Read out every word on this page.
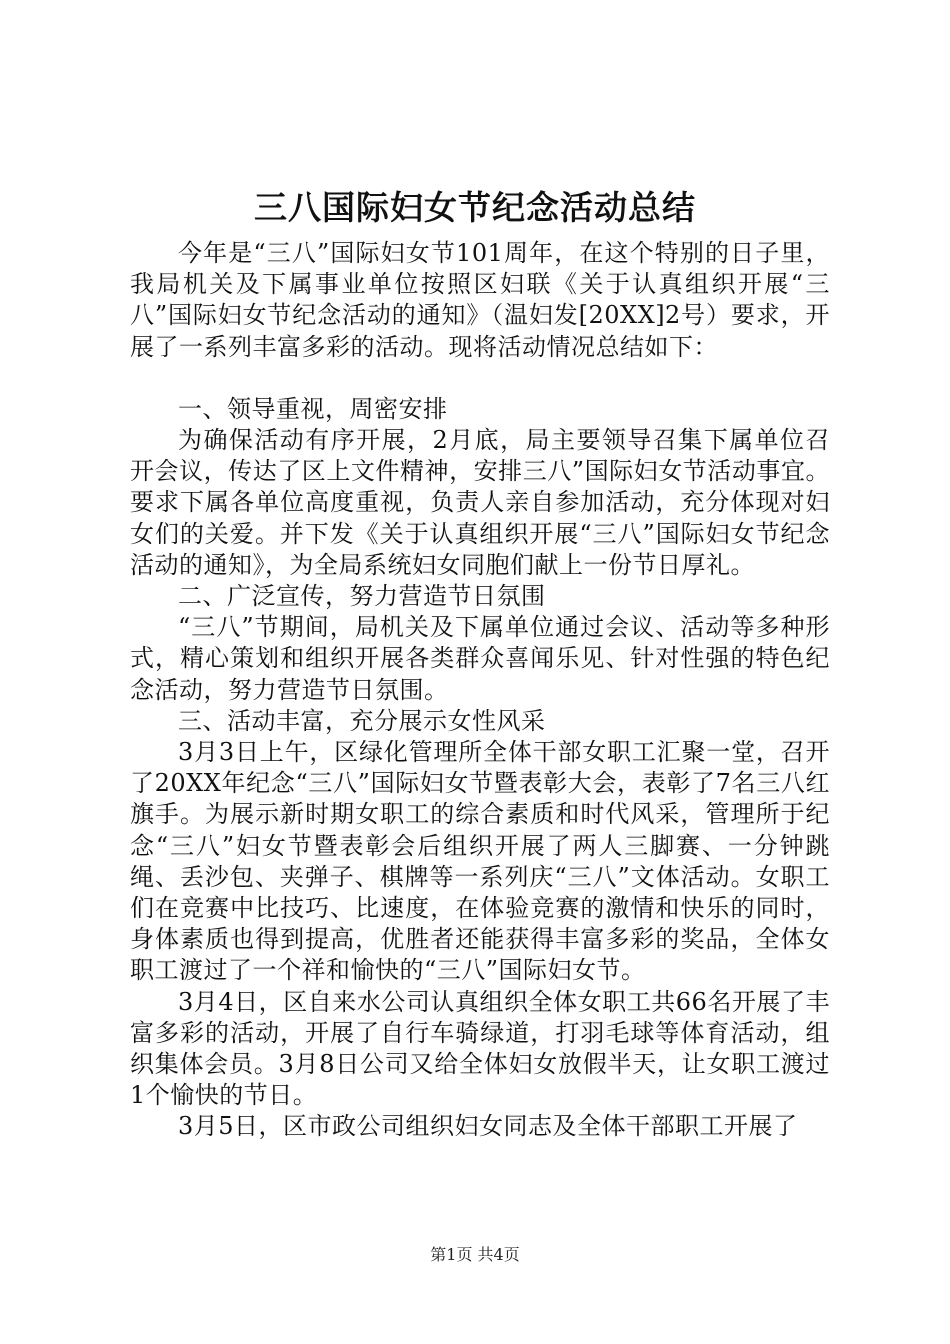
三八国际妇女节纪念活动总结

今年是“三八”国际妇女节101周年，在这个特别的日子里，我局机关及下属事业单位按照区妇联《关于认真组织开展“三八”国际妇女节纪念活动的通知》（温妇发[20XX]2号）要求，开展了一系列丰富多彩的活动。现将活动情况总结如下：

一、领导重视，周密安排

为确保活动有序开展，2月底，局主要领导召集下属单位召开会议，传达了区上文件精神，安排三八”国际妇女节活动事宜。要求下属各单位高度重视，负责人亲自参加活动，充分体现对妇女们的关爱。并下发《关于认真组织开展“三八”国际妇女节纪念活动的通知》，为全局系统妇女同胞们献上一份节日厚礼。

二、广泛宣传，努力营造节日氛围

“三八”节期间，局机关及下属单位通过会议、活动等多种形式，精心策划和组织开展各类群众喜闻乐见、针对性强的特色纪念活动，努力营造节日氛围。

三、活动丰富，充分展示女性风采

3月3日上午，区绿化管理所全体干部女职工汇聚一堂，召开了20XX年纪念“三八”国际妇女节暨表彰大会，表彰了7名三八红旗手。为展示新时期女职工的综合素质和时代风采，管理所于纪念“三八”妇女节暨表彰会后组织开展了两人三脚赛、一分钟跳绳、丢沙包、夹弹子、棋牌等一系列庆“三八”文体活动。女职工们在竞赛中比技巧、比速度，在体验竞赛的激情和快乐的同时，身体素质也得到提高，优胜者还能获得丰富多彩的奖品，全体女职工渡过了一个祥和愉快的“三八”国际妇女节。

3月4日，区自来水公司认真组织全体女职工共66名开展了丰富多彩的活动，开展了自行车骑绿道，打羽毛球等体育活动，组织集体会员。3月8日公司又给全体妇女放假半天，让女职工渡过1个愉快的节日。

3月5日，区市政公司组织妇女同志及全体干部职工开展了

第1页 共4页
